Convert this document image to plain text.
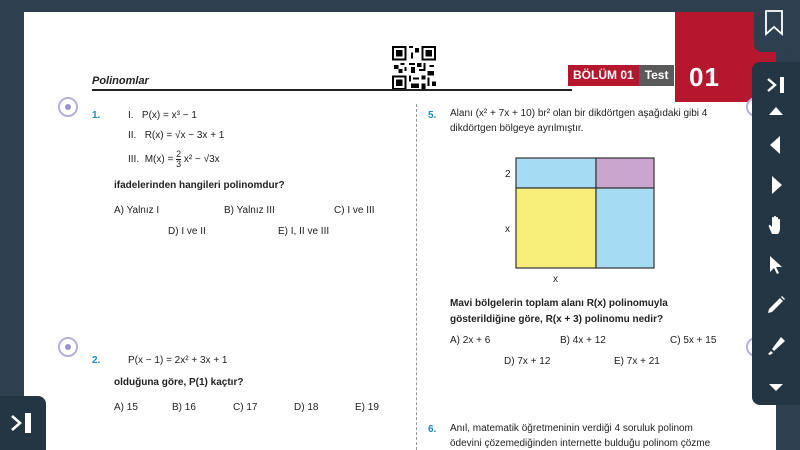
Polinomlar	BÖLÜM 01 Test 01
1.	I. P(x) = x³ − 1
II. R(x) = √x − 3x + 1
III. $M(x) = \frac{2}{3} x^2 - √3x$
ifadelerinden hangileri polinomdur?
A) Yalnız I	B) Yalnız III	C) I ve III
D) I ve II	E) I, II ve III
2.	P(x − 1) = 2x² + 3x + 1
olduğuna göre, P(1) kaçtır?
A) 15	B) 16	C) 17	D) 18	E) 19
5. Alanı (x² + 7x + 10) br² olan bir dikdörtgen aşağıdaki gibi 4
dikdörtgen bölgeye ayrılmıştır.
2
x
x
Mavi bölgelerin toplam alanı R(x) polinomuyla
gösterildiğine göre, R(x + 3) polinomu nedir?
A) 2x + 6	B) 4x + 12	C) 5x + 15
D) 7x + 12	E) 7x + 21
6. Anıl, matematik öğretmeninin verdiği 4 soruluk polinom
ödevini çözemediğinden internette bulduğu polinom çözme
